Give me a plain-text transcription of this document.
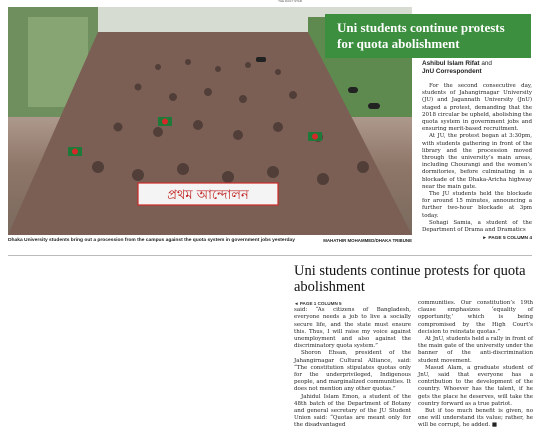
THE DAILY STAR
প্রথম আন্দোলন
Uni students continue protests for quota abolishment
Ashibul Islam Rifat and
JnU Correspondent

For the second consecutive day, students of Jahangirnagar University (JU) and Jagannath University (JnU) staged a protest, demanding that the 2018 circular be upheld, abolishing the quota system in government jobs and ensuring merit-based recruitment.

At JU, the protest began at 3:30pm, with students gathering in front of the library and the procession moved through the university’s main areas, including Chourangi and the women’s dormitories, before culminating in a blockade of the Dhaka-Aricha highway near the main gate.

The JU students held the blockade for around 15 minutes, announcing a further two-hour blockade at 3pm today.

Sohagi Samia, a student of the Department of Drama and Dramatics

► PAGE 5 COLUMN 4
Dhaka University students bring out a procession from the campus against the quota system in government jobs yesterday	MAHATHIR MOHAMMED/DHAKA TRIBUNE
Uni students continue protests for quota abolishment
◄ PAGE 1 COLUMN 5

said: “As citizens of Bangladesh, everyone needs a job to live a socially secure life, and the state must ensure this. Thus, I will raise my voice against unemployment and also against the discriminatory quota system.”

Shoron Ehsan, president of the Jahangirnagar Cultural Alliance, said: “The constitution stipulates quotas only for the underprivileged, Indigenous people, and marginalized communities. It does not mention any other quotas.”

Jahidul Islam Emon, a student of the 48th batch of the Department of Botany and general secretary of the JU Student Union said: “Quotas are meant only for the disadvantaged

communities. Our constitution’s 19th clause emphasizes ‘equality of opportunity,’ which is being compromised by the High Court’s decision to reinstate quotas.”

At JnU, students held a rally in front of the main gate of the university under the banner of the anti-discrimination student movement.

Masud Alam, a graduate student of JnU, said that everyone has a contribution to the development of the country. Whoever has the talent, if he gets the place he deserves, will take the country forward as a true patriot.

But if too much benefit is given, no one will understand its value; rather, he will be corrupt, he added. ■
